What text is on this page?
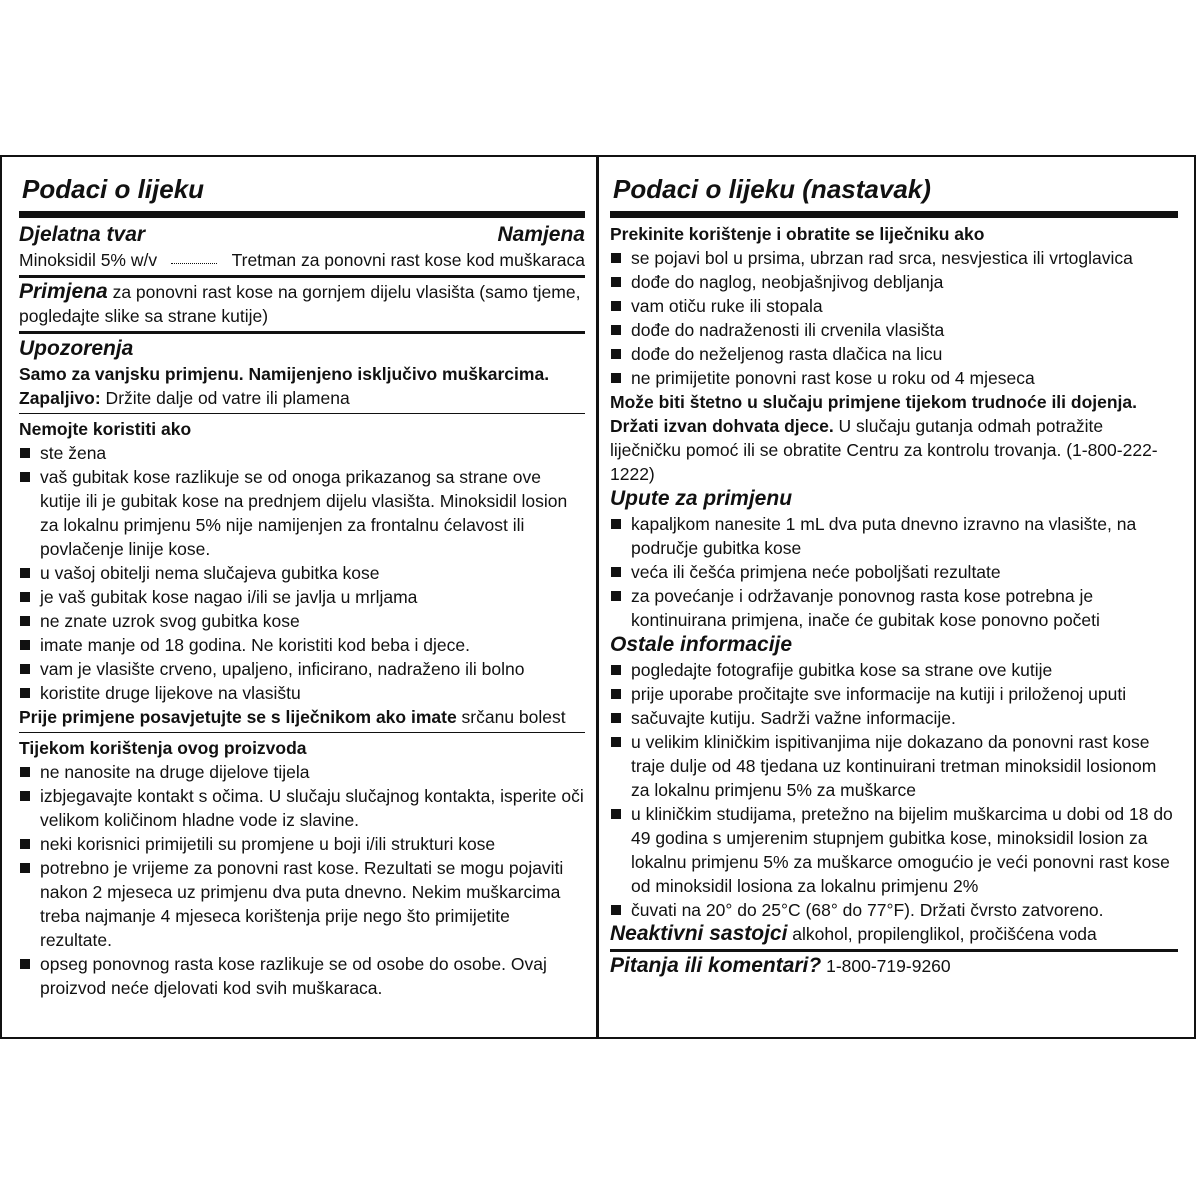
Podaci o lijeku
Djelatna tvar	Namjena
Minoksidil 5% w/v	Tretman za ponovni rast kose kod muškaraca
Primjena za ponovni rast kose na gornjem dijelu vlasišta (samo tjeme, pogledajte slike sa strane kutije)
Upozorenja
Samo za vanjsku primjenu. Namijenjeno isključivo muškarcima.
Zapaljivo: Držite dalje od vatre ili plamena
Nemojte koristiti ako
ste žena
vaš gubitak kose razlikuje se od onoga prikazanog sa strane ove kutije ili je gubitak kose na prednjem dijelu vlasišta. Minoksidil losion za lokalnu primjenu 5% nije namijenjen za frontalnu ćelavost ili povlačenje linije kose.
u vašoj obitelji nema slučajeva gubitka kose
je vaš gubitak kose nagao i/ili se javlja u mrljama
ne znate uzrok svog gubitka kose
imate manje od 18 godina. Ne koristiti kod beba i djece.
vam je vlasište crveno, upaljeno, inficirano, nadraženo ili bolno
koristite druge lijekove na vlasištu
Prije primjene posavjetujte se s liječnikom ako imate srčanu bolest
Tijekom korištenja ovog proizvoda
ne nanosite na druge dijelove tijela
izbjegavajte kontakt s očima. U slučaju slučajnog kontakta, isperite oči velikom količinom hladne vode iz slavine.
neki korisnici primijetili su promjene u boji i/ili strukturi kose
potrebno je vrijeme za ponovni rast kose. Rezultati se mogu pojaviti nakon 2 mjeseca uz primjenu dva puta dnevno. Nekim muškarcima treba najmanje 4 mjeseca korištenja prije nego što primijetite rezultate.
opseg ponovnog rasta kose razlikuje se od osobe do osobe. Ovaj proizvod neće djelovati kod svih muškaraca.
Podaci o lijeku (nastavak)
Prekinite korištenje i obratite se liječniku ako
se pojavi bol u prsima, ubrzan rad srca, nesvjestica ili vrtoglavica
dođe do naglog, neobjašnjivog debljanja
vam otiču ruke ili stopala
dođe do nadraženosti ili crvenila vlasišta
dođe do neželjenog rasta dlačica na licu
ne primijetite ponovni rast kose u roku od 4 mjeseca
Može biti štetno u slučaju primjene tijekom trudnoće ili dojenja.
Držati izvan dohvata djece. U slučaju gutanja odmah potražite liječničku pomoć ili se obratite Centru za kontrolu trovanja. (1-800-222-1222)
Upute za primjenu
kapaljkom nanesite 1 mL dva puta dnevno izravno na vlasište, na područje gubitka kose
veća ili češća primjena neće poboljšati rezultate
za povećanje i održavanje ponovnog rasta kose potrebna je kontinuirana primjena, inače će gubitak kose ponovno početi
Ostale informacije
pogledajte fotografije gubitka kose sa strane ove kutije
prije uporabe pročitajte sve informacije na kutiji i priloženoj uputi
sačuvajte kutiju. Sadrži važne informacije.
u velikim kliničkim ispitivanjima nije dokazano da ponovni rast kose traje dulje od 48 tjedana uz kontinuirani tretman minoksidil losionom za lokalnu primjenu 5% za muškarce
u kliničkim studijama, pretežno na bijelim muškarcima u dobi od 18 do 49 godina s umjerenim stupnjem gubitka kose, minoksidil losion za lokalnu primjenu 5% za muškarce omogućio je veći ponovni rast kose od minoksidil losiona za lokalnu primjenu 2%
čuvati na 20° do 25°C (68° do 77°F). Držati čvrsto zatvoreno.
Neaktivni sastojci alkohol, propilenglikol, pročišćena voda
Pitanja ili komentari? 1-800-719-9260
